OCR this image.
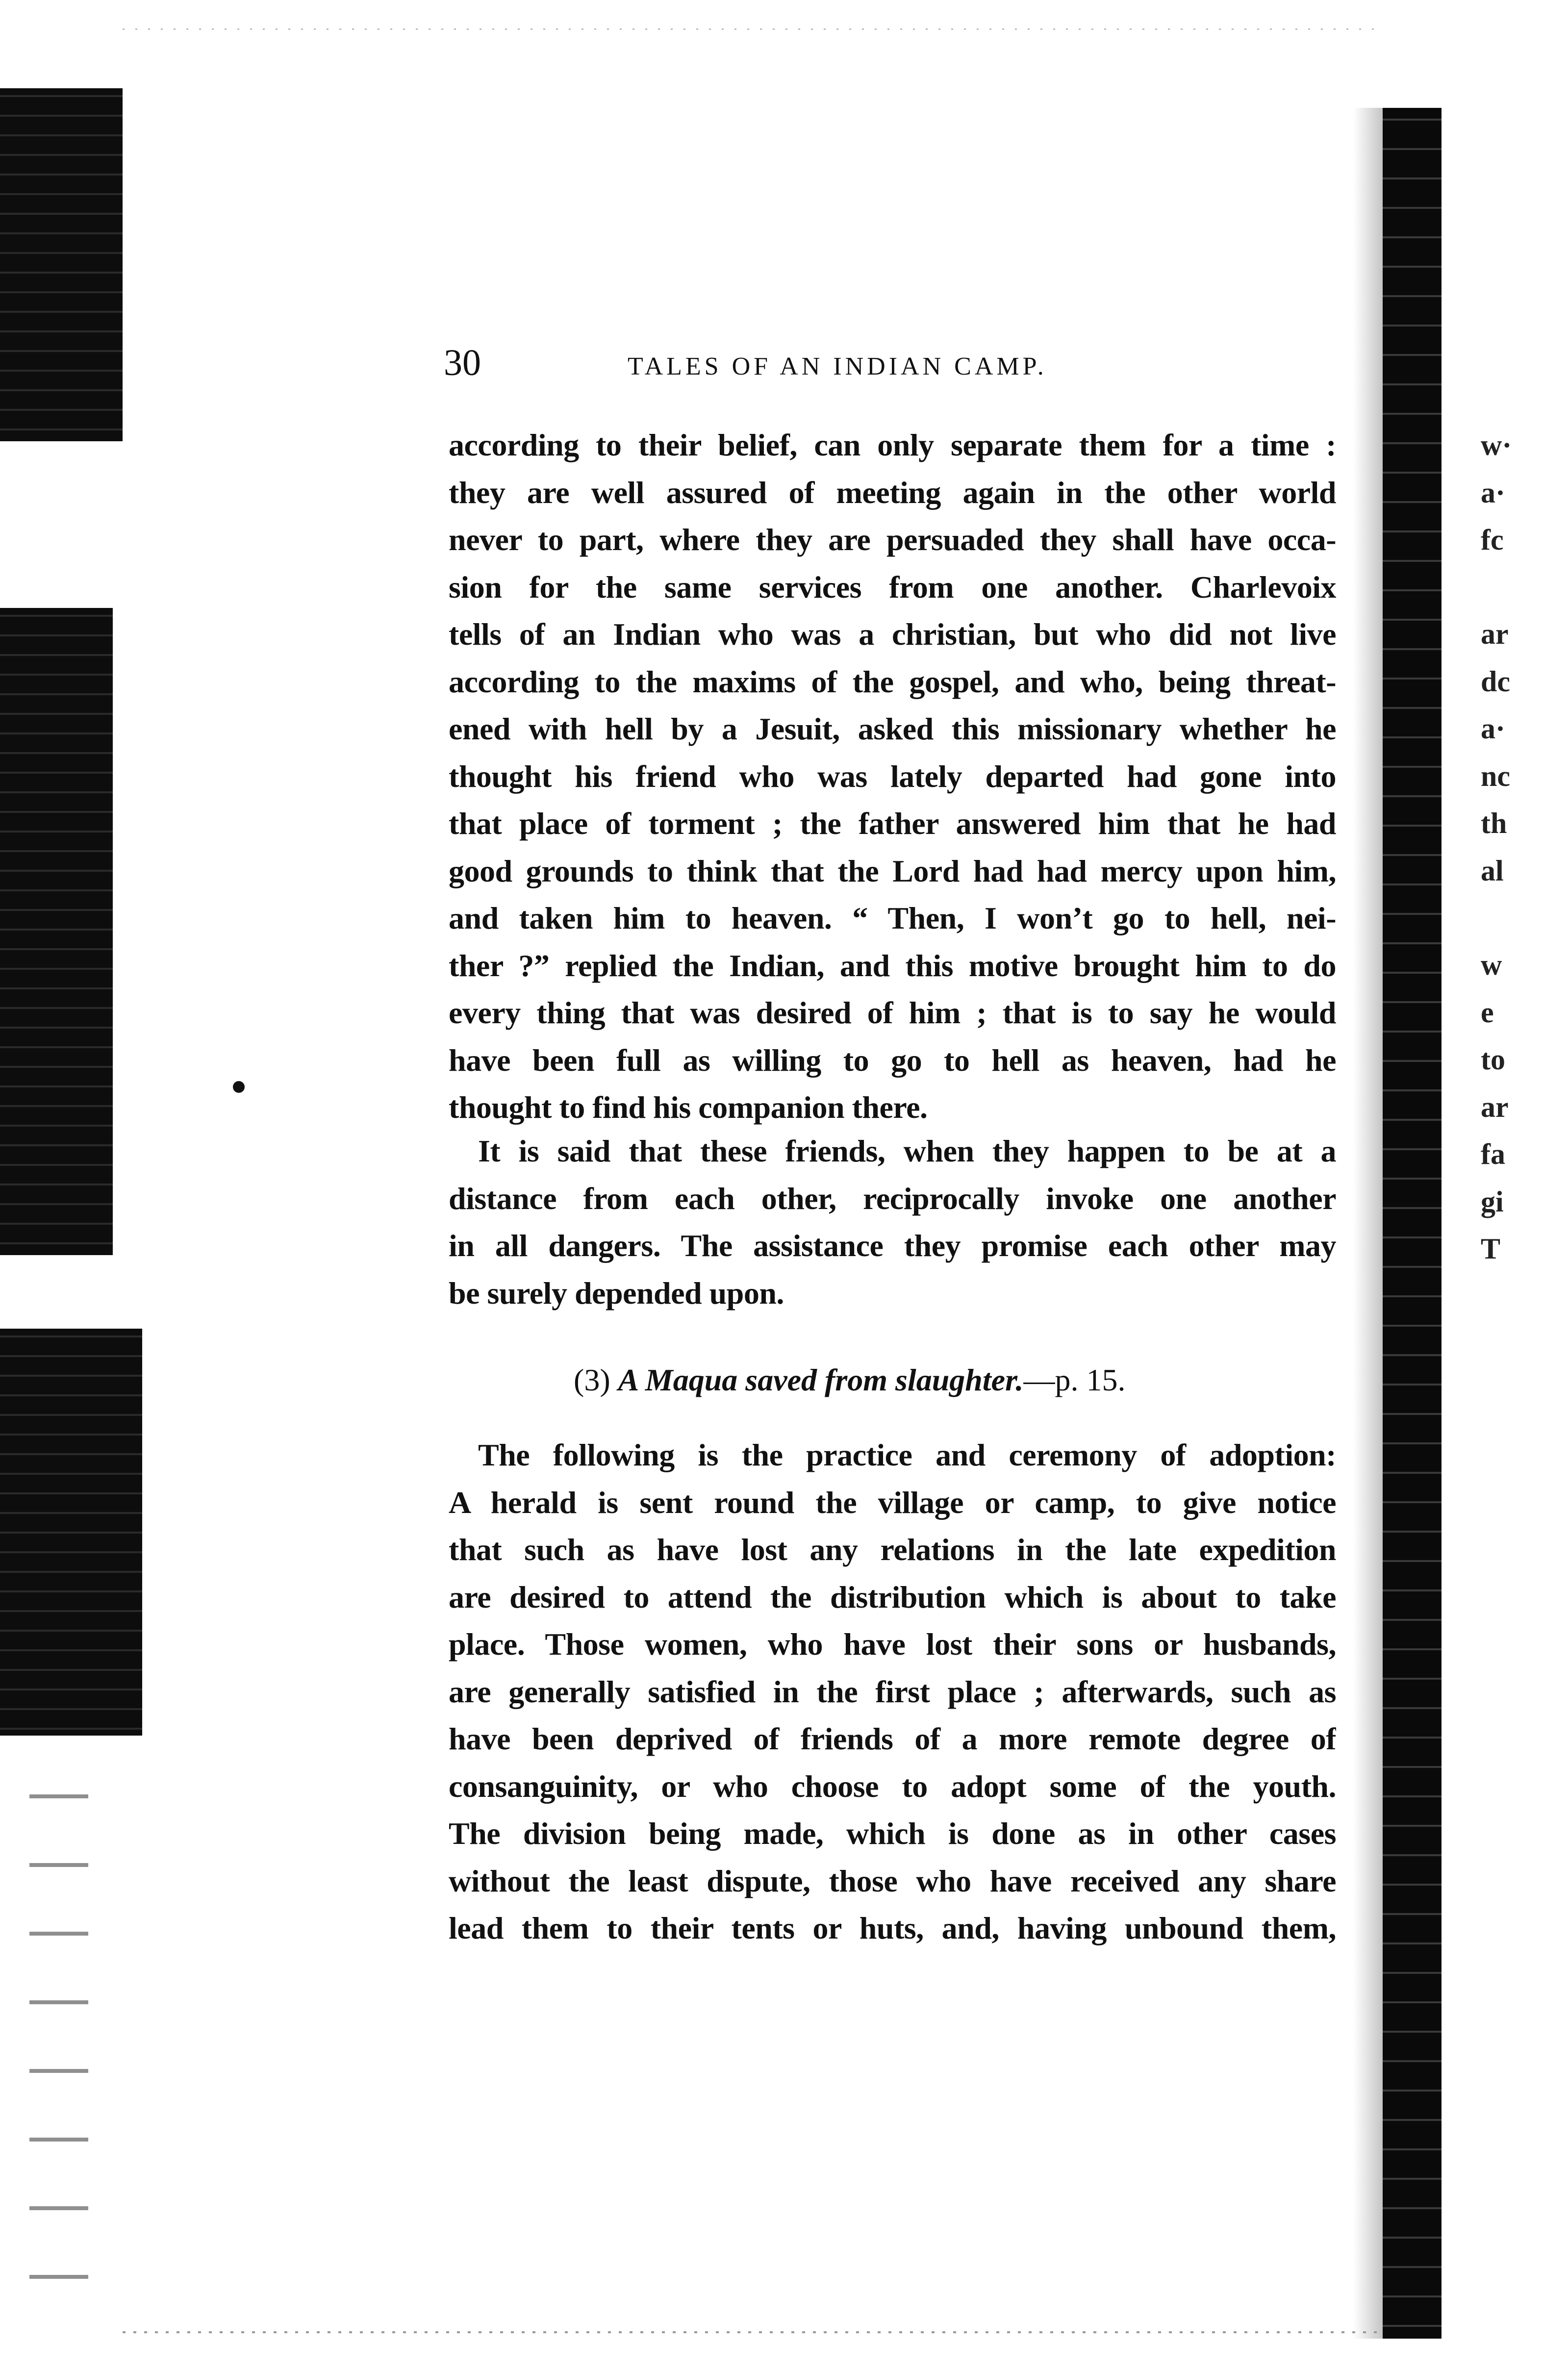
30	TALES OF AN INDIAN CAMP.
according to their belief, can only separate them for a time :
they are well assured of meeting again in the other world
never to part, where they are persuaded they shall have occa-
sion for the same services from one another. Charlevoix
tells of an Indian who was a christian, but who did not live
according to the maxims of the gospel, and who, being threat-
ened with hell by a Jesuit, asked this missionary whether he
thought his friend who was lately departed had gone into
that place of torment ; the father answered him that he had
good grounds to think that the Lord had had mercy upon him,
and taken him to heaven. “ Then, I won’t go to hell, nei-
ther ?” replied the Indian, and this motive brought him to do
every thing that was desired of him ; that is to say he would
have been full as willing to go to hell as heaven, had he
thought to find his companion there.
It is said that these friends, when they happen to be at a
distance from each other, reciprocally invoke one another
in all dangers. The assistance they promise each other may
be surely depended upon.
(3) A Maqua saved from slaughter.—p. 15.
The following is the practice and ceremony of adoption:
A herald is sent round the village or camp, to give notice
that such as have lost any relations in the late expedition
are desired to attend the distribution which is about to take
place. Those women, who have lost their sons or husbands,
are generally satisfied in the first place ; afterwards, such as
have been deprived of friends of a more remote degree of
consanguinity, or who choose to adopt some of the youth.
The division being made, which is done as in other cases
without the least dispute, those who have received any share
lead them to their tents or huts, and, having unbound them,
w·
a·
fc
ar
dc
a·
nc
th
al
w
e
to
ar
fa
gi
T
